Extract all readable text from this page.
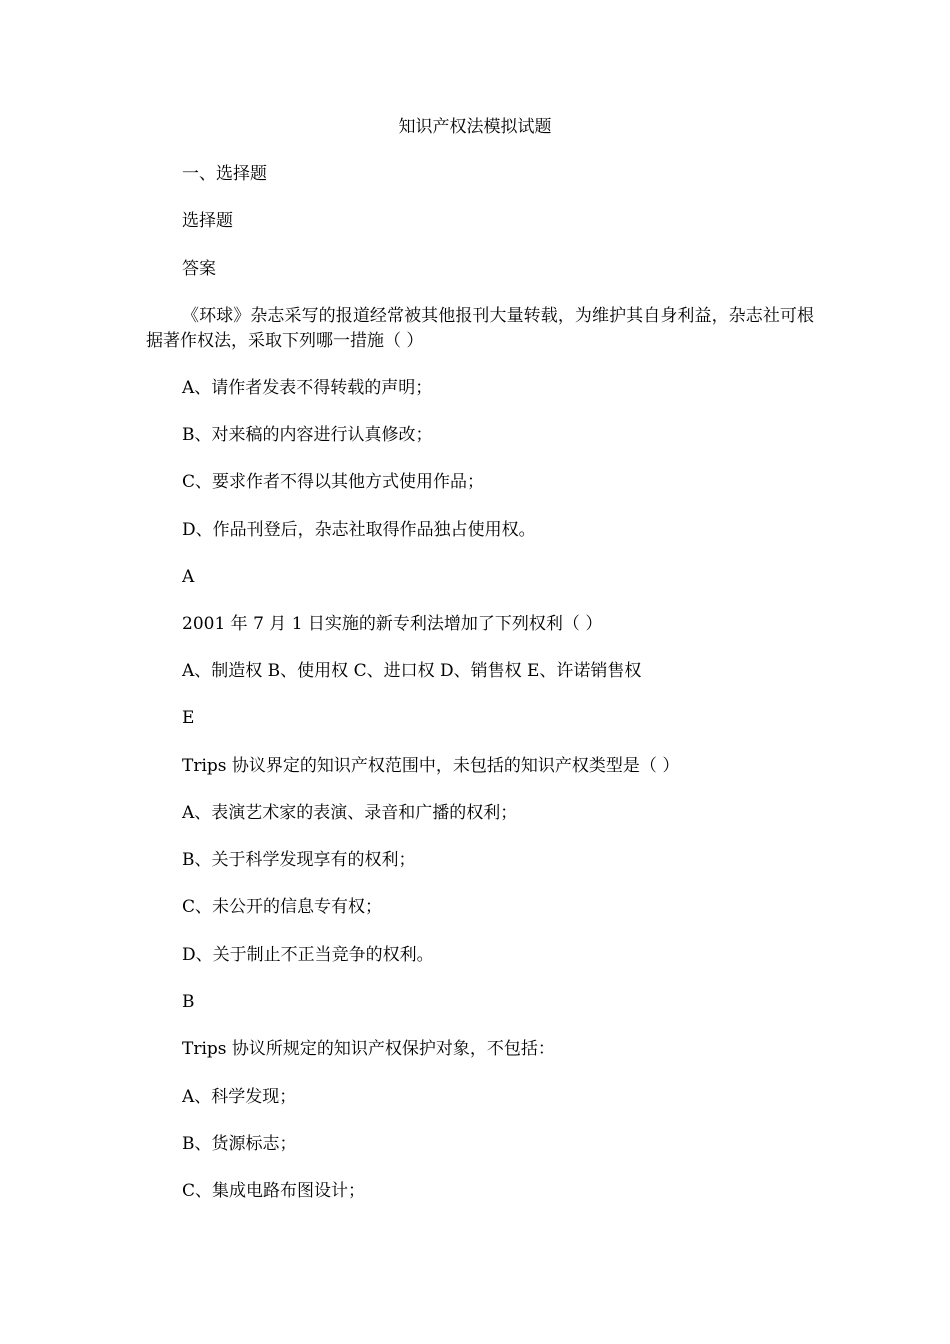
知识产权法模拟试题
一、选择题
选择题
答案
《环球》杂志采写的报道经常被其他报刊大量转载，为维护其自身利益，杂志社可根据著作权法，采取下列哪一措施（ ）
A、请作者发表不得转载的声明；
B、对来稿的内容进行认真修改；
C、要求作者不得以其他方式使用作品；
D、作品刊登后，杂志社取得作品独占使用权。
A
2001 年 7 月 1 日实施的新专利法增加了下列权利（ ）
A、制造权 B、使用权 C、进口权 D、销售权 E、许诺销售权
E
Trips 协议界定的知识产权范围中，未包括的知识产权类型是（ ）
A、表演艺术家的表演、录音和广播的权利；
B、关于科学发现享有的权利；
C、未公开的信息专有权；
D、关于制止不正当竞争的权利。
B
Trips 协议所规定的知识产权保护对象，不包括：
A、科学发现；
B、货源标志；
C、集成电路布图设计；
